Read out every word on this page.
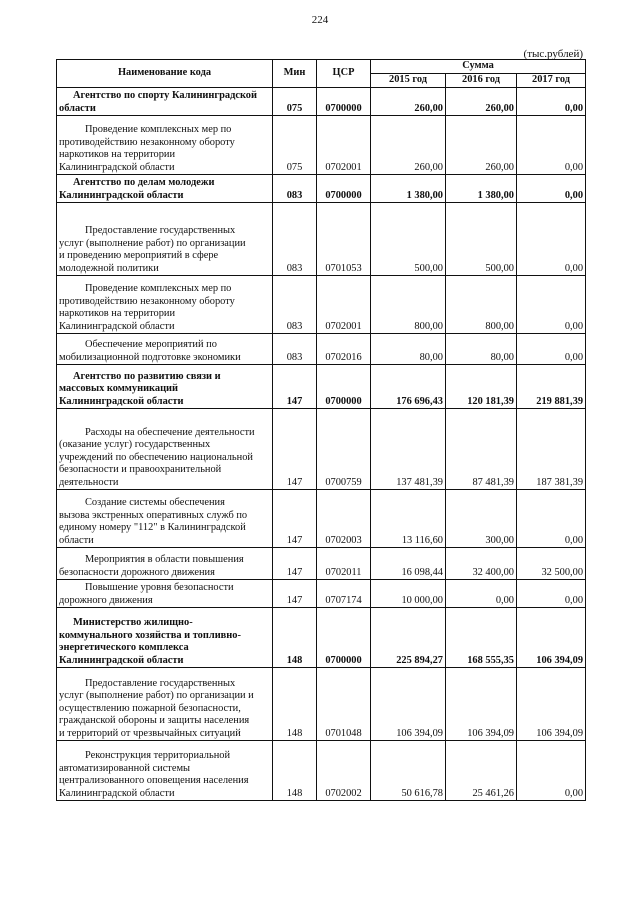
224
(тыс.рублей)
Наименование кода	Мин	ЦСР	Сумма		
			2015 год	2016 год	2017 год

Агентство по спорту Калининградской
области	075	0700000	260,00	260,00	0,00

Проведение комплексных мер по
противодействию незаконному обороту
наркотиков на территории
Калининградской области	075	0702001	260,00	260,00	0,00

Агентство по делам молодежи
Калининградской области	083	0700000	1 380,00	1 380,00	0,00

Предоставление государственных
услуг (выполнение работ) по организации
и проведению мероприятий в сфере
молодежной политики	083	0701053	500,00	500,00	0,00

Проведение комплексных мер по
противодействию незаконному обороту
наркотиков на территории
Калининградской области	083	0702001	800,00	800,00	0,00

Обеспечение мероприятий по
мобилизационной подготовке экономики	083	0702016	80,00	80,00	0,00

Агентство по развитию связи и
массовых коммуникаций
Калининградской области	147	0700000	176 696,43	120 181,39	219 881,39

Расходы на обеспечение деятельности
(оказание услуг) государственных
учреждений по обеспечению национальной
безопасности и правоохранительной
деятельности	147	0700759	137 481,39	87 481,39	187 381,39

Создание системы обеспечения
вызова экстренных оперативных служб по
единому номеру "112" в Калининградской
области	147	0702003	13 116,60	300,00	0,00

Мероприятия в области повышения
безопасности дорожного движения	147	0702011	16 098,44	32 400,00	32 500,00

Повышение уровня безопасности
дорожного движения	147	0707174	10 000,00	0,00	0,00

Министерство жилищно-
коммунального хозяйства и топливно-
энергетического комплекса
Калининградской области	148	0700000	225 894,27	168 555,35	106 394,09

Предоставление государственных
услуг (выполнение работ) по организации и
осуществлению пожарной безопасности,
гражданской обороны и защиты населения
и территорий от чрезвычайных ситуаций	148	0701048	106 394,09	106 394,09	106 394,09

Реконструкция территориальной
автоматизированной системы
централизованного оповещения населения
Калининградской области	148	0702002	50 616,78	25 461,26	0,00
